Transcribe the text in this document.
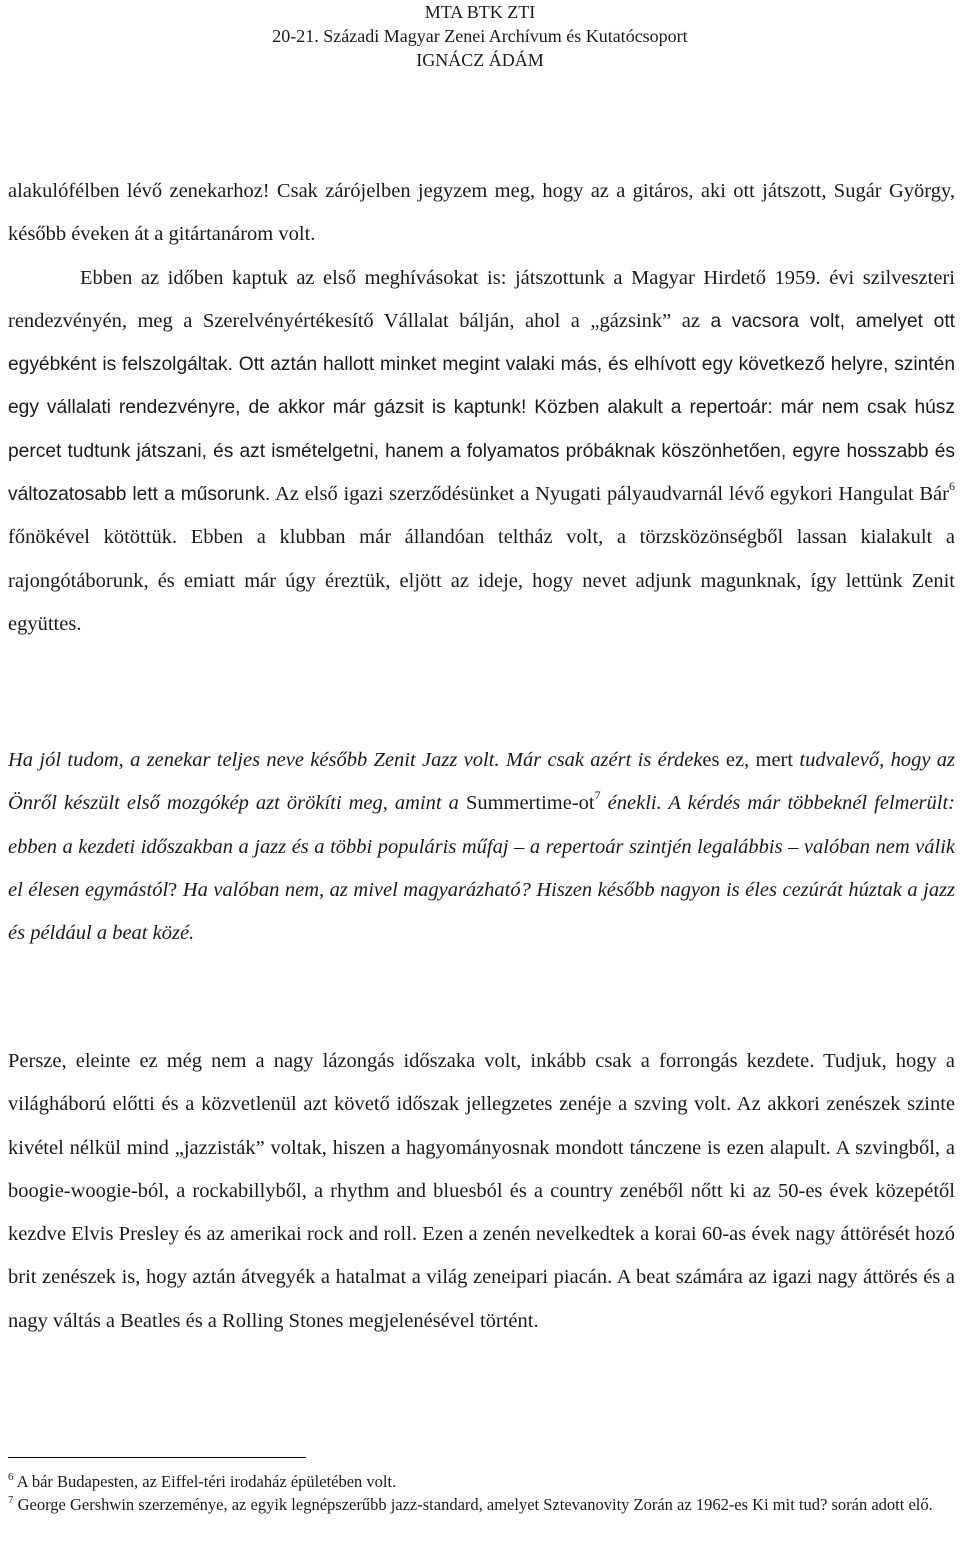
MTA BTK ZTI
20-21. Századi Magyar Zenei Archívum és Kutatócsoport
IGNÁCZ ÁDÁM
alakulófélben lévő zenekarhoz! Csak zárójelben jegyzem meg, hogy az a gitáros, aki ott játszott, Sugár György, később éveken át a gitártanárom volt.
Ebben az időben kaptuk az első meghívásokat is: játszottunk a Magyar Hirdető 1959. évi szilveszteri rendezvényén, meg a Szerelvényértékesítő Vállalat bálján, ahol a „gázsink” az a vacsora volt, amelyet ott egyébként is felszolgáltak. Ott aztán hallott minket megint valaki más, és elhívott egy következő helyre, szintén egy vállalati rendezvényre, de akkor már gázsit is kaptunk! Közben alakult a repertoár: már nem csak húsz percet tudtunk játszani, és azt ismételgetni, hanem a folyamatos próbáknak köszönhetően, egyre hosszabb és változatosabb lett a műsorunk. Az első igazi szerződésünket a Nyugati pályaudvarnál lévő egykori Hangulat Bár$^6$ főnökével kötöttük. Ebben a klubban már állandóan teltház volt, a törzsközönségből lassan kialakult a rajongótáborunk, és emiatt már úgy éreztük, eljött az ideje, hogy nevet adjunk magunknak, így lettünk Zenit együttes.
Ha jól tudom, a zenekar teljes neve később Zenit Jazz volt. Már csak azért is érdekes ez, mert tudvalevő, hogy az Önről készült első mozgókép azt örökíti meg, amint a Summertime-$ot^7$ énekli. A kérdés már többeknél felmerült: ebben a kezdeti időszakban a jazz és a többi populáris műfaj – a repertoár szintjén legalábbis – valóban nem válik el élesen egymástól? Ha valóban nem, az mivel magyarázható? Hiszen később nagyon is éles cezúrát húztak a jazz és például a beat közé.
Persze, eleinte ez még nem a nagy lázongás időszaka volt, inkább csak a forrongás kezdete. Tudjuk, hogy a világháború előtti és a közvetlenül azt követő időszak jellegzetes zenéje a szving volt. Az akkori zenészek szinte kivétel nélkül mind „jazzisták” voltak, hiszen a hagyományosnak mondott tánczene is ezen alapult. A szvingből, a boogie-woogie-ból, a rockabillyből, a rhythm and bluesból és a country zenéből nőtt ki az 50-es évek közepétől kezdve Elvis Presley és az amerikai rock and roll. Ezen a zenén nevelkedtek a korai 60-as évek nagy áttörését hozó brit zenészek is, hogy aztán átvegyék a hatalmat a világ zeneipari piacán. A beat számára az igazi nagy áttörés és a nagy váltás a Beatles és a Rolling Stones megjelenésével történt.

$^6$ A bár Budapesten, az Eiffel-téri irodaház épületében volt.

$^7$ George Gershwin szerzeménye, az egyik legnépszerűbb jazz-standard, amelyet Sztevanovity Zorán az 1962-es Ki mit tud? során adott elő.
